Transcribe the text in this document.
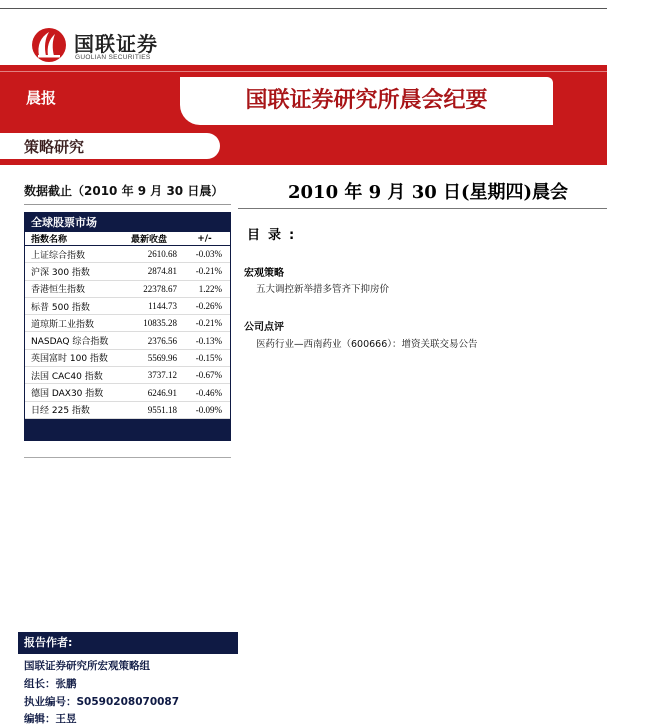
国联证券
GUOLIAN SECURITIES
国联证券研究所晨会纪要
晨报
策略研究
数据截止（2010 年 9 月 30 日晨）	2010 年 9 月 30 日(星期四)晨会
全球股票市场
指数名称	最新收盘	+/-
上证综合指数	2610.68	-0.03%
沪深 300 指数	2874.81	-0.21%
香港恒生指数	22378.67	1.22%
标普 500 指数	1144.73	-0.26%
道琼斯工业指数	10835.28	-0.21%
NASDAQ 综合指数	2376.56	-0.13%
英国富时 100 指数	5569.96	-0.15%
法国 CAC40 指数	3737.12	-0.67%
德国 DAX30 指数	6246.91	-0.46%
日经 225 指数	9551.18	-0.09%
目录:
宏观策略
五大调控新举措多管齐下抑房价
公司点评
医药行业—西南药业（600666）：增资关联交易公告
报告作者:
国联证券研究所宏观策略组
组长：张鹏
执业编号：S0590208070087
编辑：王昱
